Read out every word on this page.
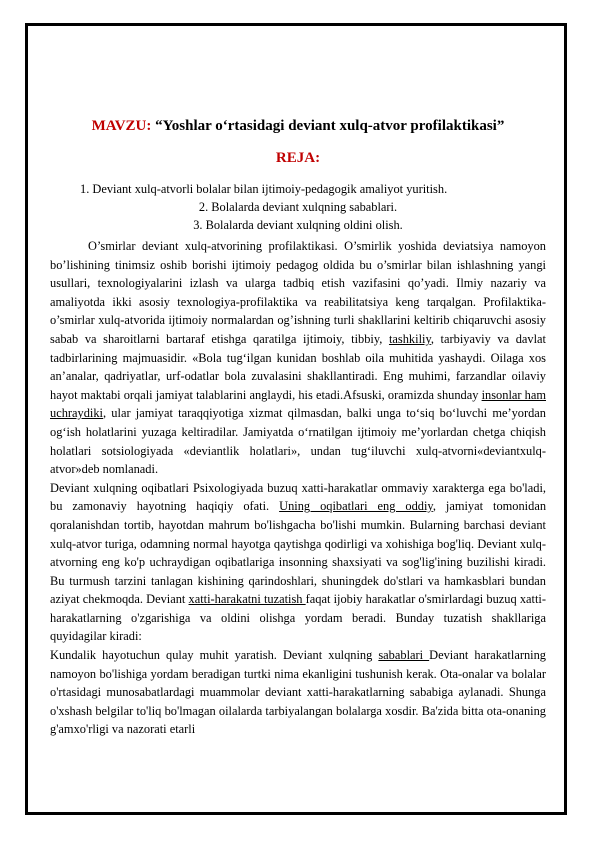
MAVZU: “Yoshlar o‘rtasidagi deviant xulq-atvor profilaktikasi”
REJA:
1. Deviant xulq-atvorli bolalar bilan ijtimoiy-pedagogik amaliyot yuritish.
2. Bolalarda deviant xulqning sabablari.
3. Bolalarda deviant xulqning oldini olish.

O’smirlar deviant xulq-atvorining profilaktikasi. O’smirlik yoshida deviatsiya namoyon bo’lishining tinimsiz oshib borishi ijtimoiy pedagog oldida bu o’smirlar bilan ishlashning yangi usullari, texnologiyalarini izlash va ularga tadbiq etish vazifasini qo’yadi. Ilmiy nazariy va amaliyotda ikki asosiy texnologiya-profilaktika va reabilitatsiya keng tarqalgan. Profilaktika-o’smirlar xulq-atvorida ijtimoiy normalardan og’ishning turli shakllarini keltirib chiqaruvchi asosiy sabab va sharoitlarni bartaraf etishga qaratilga ijtimoiy, tibbiy, tashkiliy, tarbiyaviy va davlat tadbirlarining majmuasidir. «Bola tug‘ilgan kunidan boshlab oila muhitida yashaydi. Oilaga xos an’analar, qadriyatlar, urf-odatlar bola zuvalasini shakllantiradi. Eng muhimi, farzandlar oilaviy hayot maktabi orqali jamiyat talablarini anglaydi, his etadi.Afsuski, oramizda shunday insonlar ham uchraydiki, ular jamiyat taraqqiyotiga xizmat qilmasdan, balki unga to‘siq bo‘luvchi me’yordan og‘ish holatlarini yuzaga keltiradilar. Jamiyatda o‘rnatilgan ijtimoiy me’yorlardan chetga chiqish holatlari sotsiologiyada «deviantlik holatlari», undan tug‘iluvchi xulq-atvorni«deviantxulq-atvor»deb nomlanadi.

Deviant xulqning oqibatlari Psixologiyada buzuq xatti-harakatlar ommaviy xarakterga ega bo'ladi, bu zamonaviy hayotning haqiqiy ofati. Uning oqibatlari eng oddiy, jamiyat tomonidan qoralanishdan tortib, hayotdan mahrum bo'lishgacha bo'lishi mumkin. Bularning barchasi deviant xulq-atvor turiga, odamning normal hayotga qaytishga qodirligi va xohishiga bog'liq. Deviant xulq-atvorning eng ko'p uchraydigan oqibatlariga insonning shaxsiyati va sog'lig'ining buzilishi kiradi. Bu turmush tarzini tanlagan kishining qarindoshlari, shuningdek do'stlari va hamkasblari bundan aziyat chekmoqda. Deviant xatti-harakatni tuzatish faqat ijobiy harakatlar o'smirlardagi buzuq xatti-harakatlarning o'zgarishiga va oldini olishga yordam beradi. Bunday tuzatish shakllariga quyidagilar kiradi:

Kundalik hayotuchun qulay muhit yaratish. Deviant xulqning sabablari Deviant harakatlarning namoyon bo'lishiga yordam beradigan turtki nima ekanligini tushunish kerak. Ota-onalar va bolalar o'rtasidagi munosabatlardagi muammolar deviant xatti-harakatlarning sababiga aylanadi. Shunga o'xshash belgilar to'liq bo'lmagan oilalarda tarbiyalangan bolalarga xosdir. Ba'zida bitta ota-onaning g'amxo'rligi va nazorati etarli
